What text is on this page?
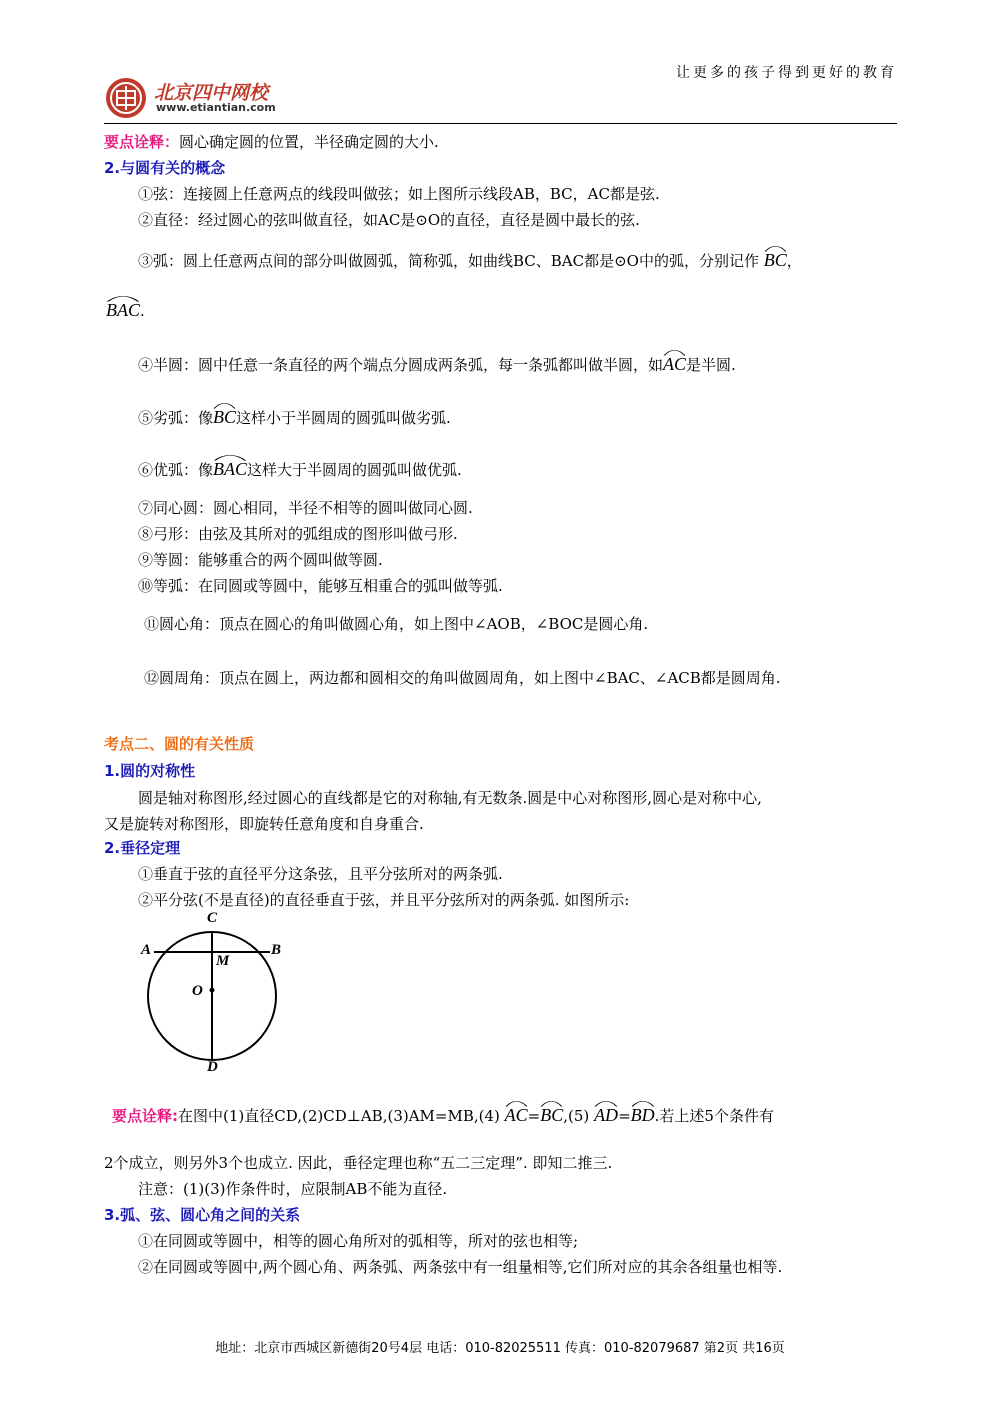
让更多的孩子得到更好的教育
北京四中网校
www.etiantian.com
要点诠释：圆心确定圆的位置，半径确定圆的大小.
2.与圆有关的概念
①弦：连接圆上任意两点的线段叫做弦；如上图所示线段AB，BC，AC都是弦.
②直径：经过圆心的弦叫做直径，如AC是⊙O的直径，直径是圆中最长的弦.
③弧：圆上任意两点间的部分叫做圆弧，简称弧，如曲线BC、BAC都是⊙O中的弧，分别记作 BC，
BAC.
④半圆：圆中任意一条直径的两个端点分圆成两条弧，每一条弧都叫做半圆，如
AC是半圆.
⑤劣弧：像
BC这样小于半圆周的圆弧叫做劣弧.
⑥优弧：像
BAC这样大于半圆周的圆弧叫做优弧.
⑦同心圆：圆心相同，半径不相等的圆叫做同心圆.
⑧弓形：由弦及其所对的弧组成的图形叫做弓形.
⑨等圆：能够重合的两个圆叫做等圆.
⑩等弧：在同圆或等圆中，能够互相重合的弧叫做等弧.
⑪圆心角：顶点在圆心的角叫做圆心角，如上图中∠AOB，∠BOC是圆心角.
⑫圆周角：顶点在圆上，两边都和圆相交的角叫做圆周角，如上图中∠BAC、∠ACB都是圆周角.
考点二、圆的有关性质
1.圆的对称性
圆是轴对称图形,经过圆心的直线都是它的对称轴,有无数条.圆是中心对称图形,圆心是对称中心,
又是旋转对称图形，即旋转任意角度和自身重合.
2.垂径定理
①垂直于弦的直径平分这条弦，且平分弦所对的两条弧.
②平分弦(不是直径)的直径垂直于弦，并且平分弦所对的两条弧. 如图所示:
C
A	B
M
O
D
要点诠释:在图中(1)直径CD,(2)CD⊥AB,(3)AM=MB,(4) AC=
BC,(5) AD=
BD.若上述5个条件有
2个成立，则另外3个也成立. 因此，垂径定理也称“五二三定理”. 即知二推三.
注意：(1)(3)作条件时，应限制AB不能为直径.
3.弧、弦、圆心角之间的关系
①在同圆或等圆中，相等的圆心角所对的弧相等，所对的弦也相等;
②在同圆或等圆中,两个圆心角、两条弧、两条弦中有一组量相等,它们所对应的其余各组量也相等.
地址：北京市西城区新德街20号4层 电话：010-82025511 传真：010-82079687 第2页 共16页
